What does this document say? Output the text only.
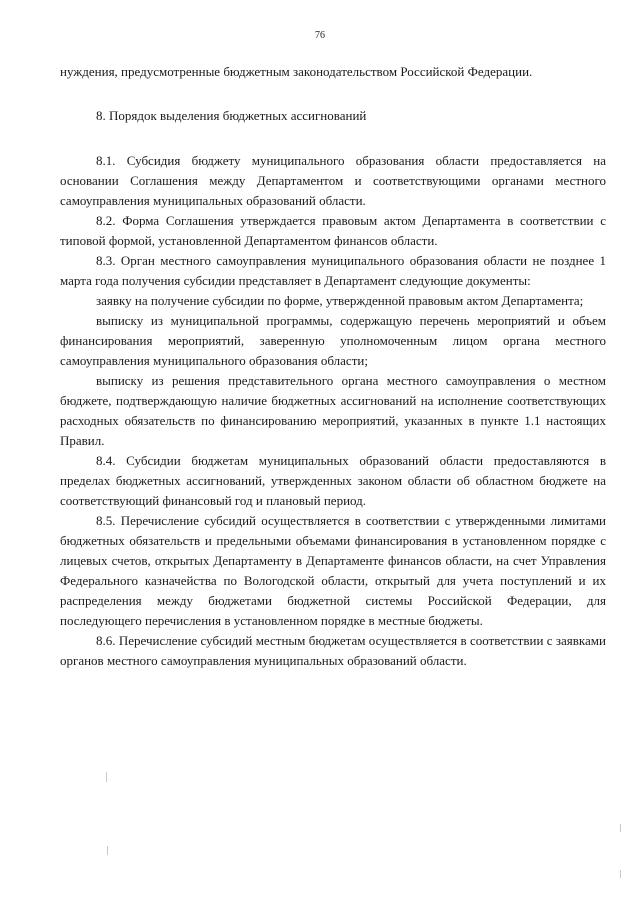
76

нуждения, предусмотренные бюджетным законодательством Российской Федерации.

8. Порядок выделения бюджетных ассигнований

8.1. Субсидия бюджету муниципального образования области предоставляется на основании Соглашения между Департаментом и соответствующими органами местного самоуправления муниципальных образований области.

8.2. Форма Соглашения утверждается правовым актом Департамента в соответствии с типовой формой, установленной Департаментом финансов области.

8.3. Орган местного самоуправления муниципального образования области не позднее 1 марта года получения субсидии представляет в Департамент следующие документы:

заявку на получение субсидии по форме, утвержденной правовым актом Департамента;

выписку из муниципальной программы, содержащую перечень мероприятий и объем финансирования мероприятий, заверенную уполномоченным лицом органа местного самоуправления муниципального образования области;

выписку из решения представительного органа местного самоуправления о местном бюджете, подтверждающую наличие бюджетных ассигнований на исполнение соответствующих расходных обязательств по финансированию мероприятий, указанных в пункте 1.1 настоящих Правил.

8.4. Субсидии бюджетам муниципальных образований области предоставляются в пределах бюджетных ассигнований, утвержденных законом области об областном бюджете на соответствующий финансовый год и плановый период.

8.5. Перечисление субсидий осуществляется в соответствии с утвержденными лимитами бюджетных обязательств и предельными объемами финансирования в установленном порядке с лицевых счетов, открытых Департаменту в Департаменте финансов области, на счет Управления Федерального казначейства по Вологодской области, открытый для учета поступлений и их распределения между бюджетами бюджетной системы Российской Федерации, для последующего перечисления в установленном порядке в местные бюджеты.

8.6. Перечисление субсидий местным бюджетам осуществляется в соответствии с заявками органов местного самоуправления муниципальных образований области.
